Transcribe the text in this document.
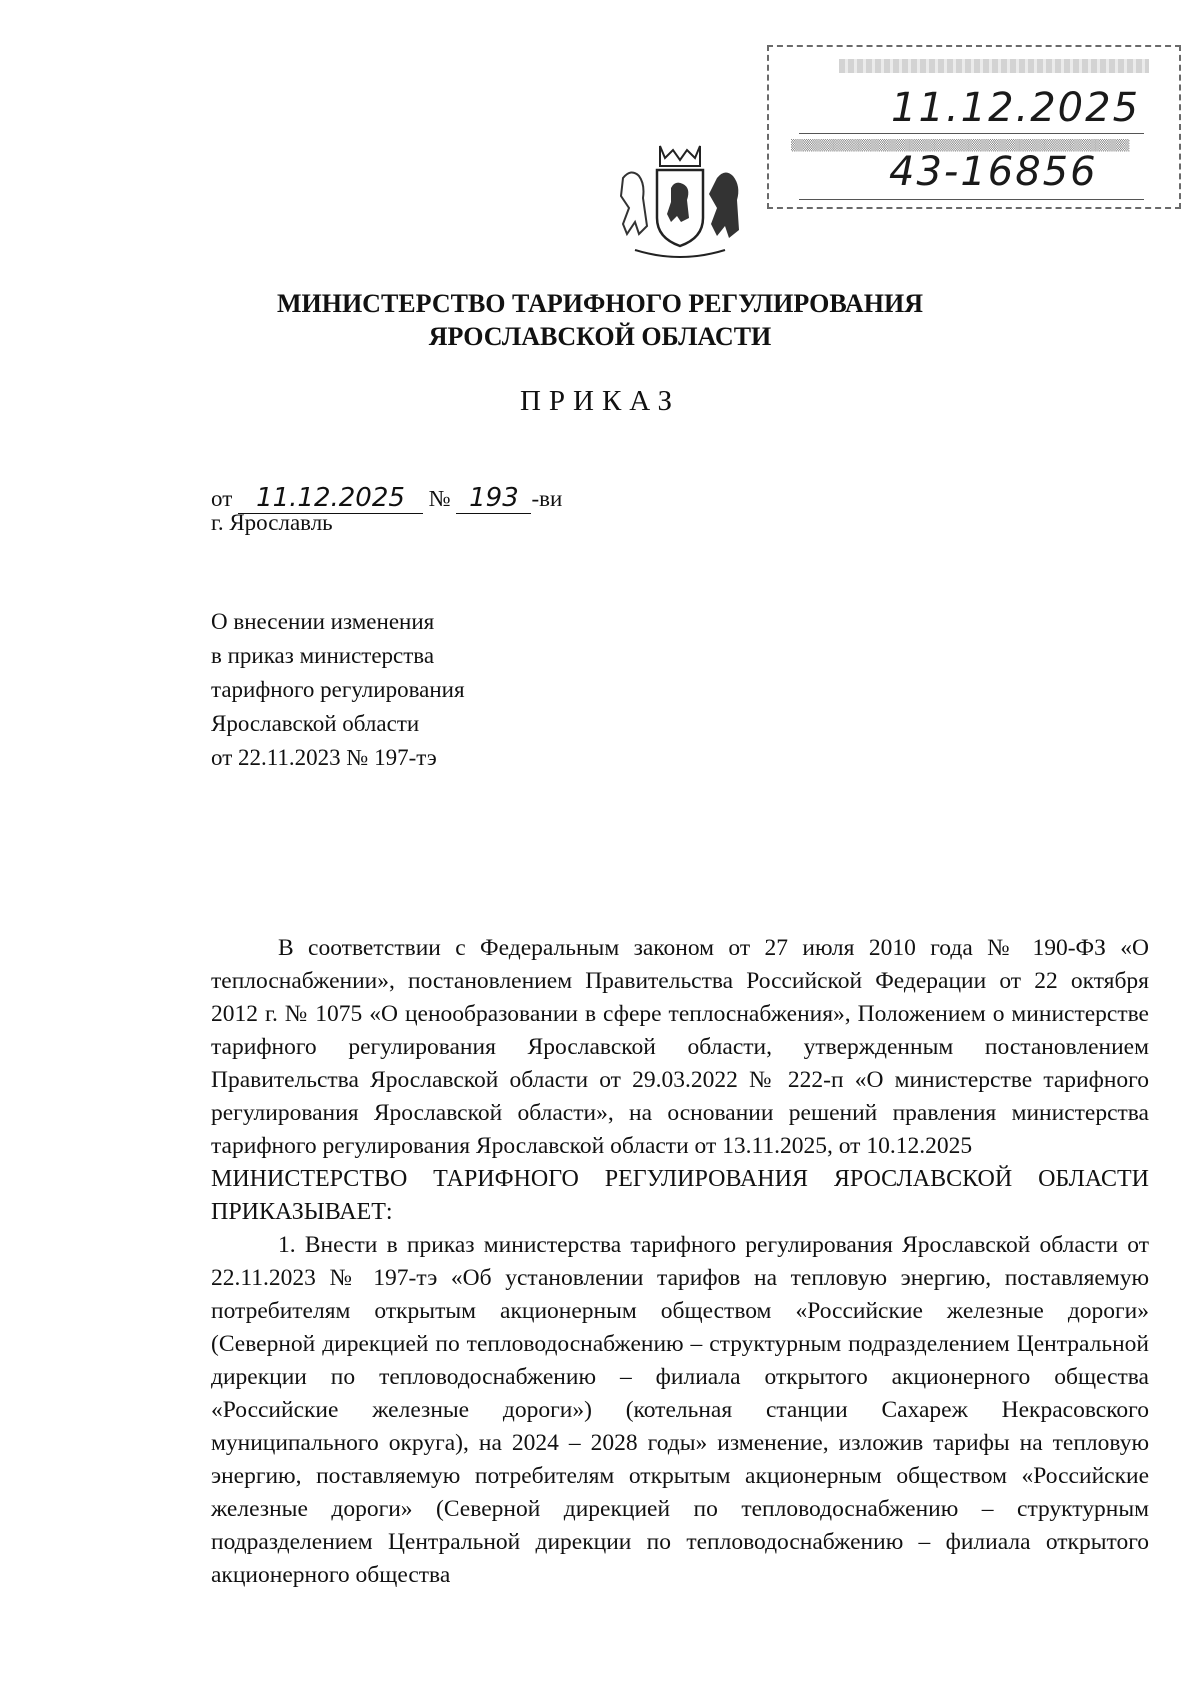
11.12.2025
▒▒▒▒▒▒▒▒▒▒▒▒▒▒▒▒▒▒▒▒▒▒▒▒▒▒▒▒▒▒▒▒▒▒▒▒▒▒▒▒
43-16856
МИНИСТЕРСТВО ТАРИФНОГО РЕГУЛИРОВАНИЯ
ЯРОСЛАВСКОЙ ОБЛАСТИ
ПРИКАЗ
от 11.12.2025 № 193 -ви
г. Ярославль
О внесении изменения
в приказ министерства
тарифного регулирования
Ярославской области
от 22.11.2023 № 197-тэ

В соответствии с Федеральным законом от 27 июля 2010 года № 190-ФЗ «О теплоснабжении», постановлением Правительства Российской Федерации от 22 октября 2012 г. № 1075 «О ценообразовании в сфере теплоснабжения», Положением о министерстве тарифного регулирования Ярославской области, утвержденным постановлением Правительства Ярославской области от 29.03.2022 № 222-п «О министерстве тарифного регулирования Ярославской области», на основании решений правления министерства тарифного регулирования Ярославской области от 13.11.2025, от 10.12.2025

МИНИСТЕРСТВО ТАРИФНОГО РЕГУЛИРОВАНИЯ ЯРОСЛАВСКОЙ ОБЛАСТИ ПРИКАЗЫВАЕТ:

1. Внести в приказ министерства тарифного регулирования Ярославской области от 22.11.2023 № 197-тэ «Об установлении тарифов на тепловую энергию, поставляемую потребителям открытым акционерным обществом «Российские железные дороги» (Северной дирекцией по тепловодоснабжению – структурным подразделением Центральной дирекции по тепловодоснабжению – филиала открытого акционерного общества «Российские железные дороги») (котельная станции Сахареж Некрасовского муниципального округа), на 2024 – 2028 годы» изменение, изложив тарифы на тепловую энергию, поставляемую потребителям открытым акционерным обществом «Российские железные дороги» (Северной дирекцией по тепловодоснабжению – структурным подразделением Центральной дирекции по тепловодоснабжению – филиала открытого акционерного общества
